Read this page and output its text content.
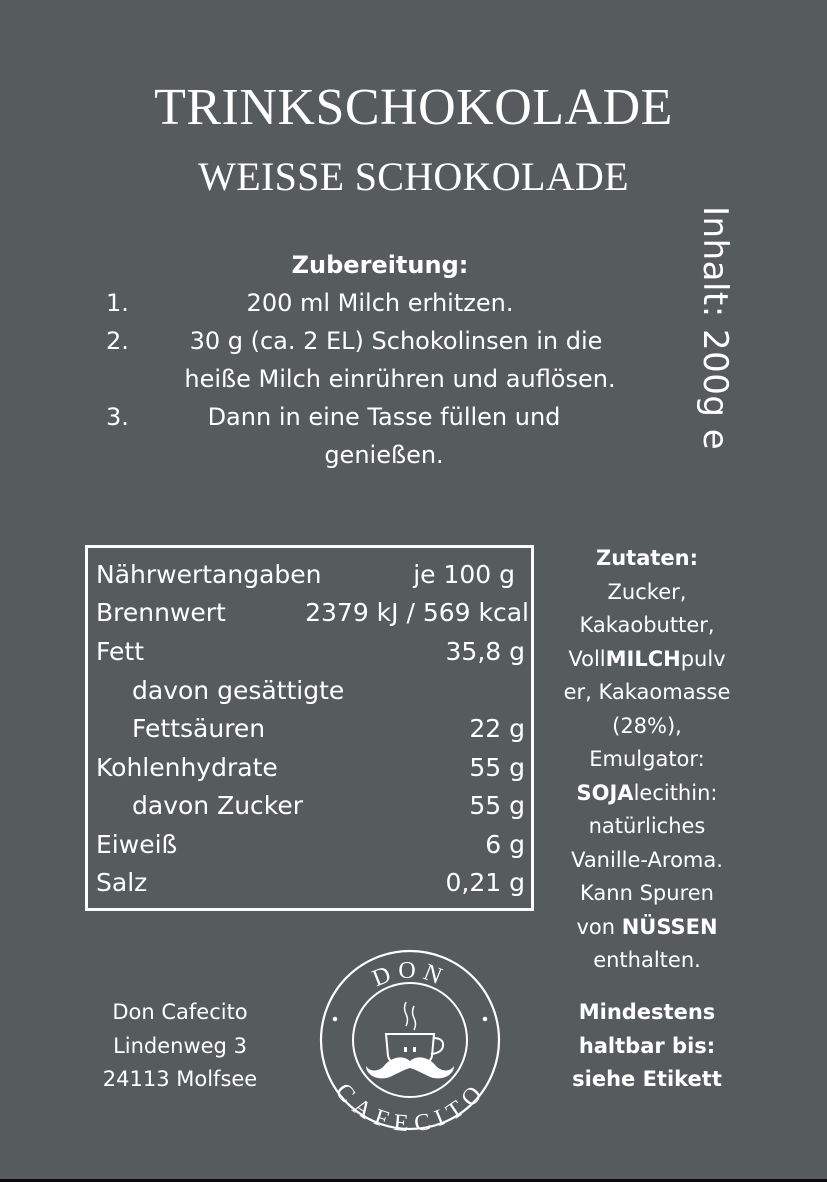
TRINKSCHOKOLADE
WEISSE SCHOKOLADE
Zubereitung:
1.	200 ml Milch erhitzen.
2.	30 g (ca. 2 EL) Schokolinsen in die
heiße Milch einrühren und auflösen.
3.	Dann in eine Tasse füllen und
genießen.
Inhalt: 200g e
Nährwertangaben	je 100 g
Brennwert	2379 kJ / 569 kcal
Fett	35,8 g
davon gesättigte
Fettsäuren	22 g
Kohlenhydrate	55 g
davon Zucker	55 g
Eiweiß	6 g
Salz	0,21 g
Zutaten:
Zucker,
Kakaobutter,
VollMILCHpulv
er, Kakaomasse
(28%),
Emulgator:
SOJAlecithin:
natürliches
Vanille-Aroma.
Kann Spuren
von NÜSSEN
enthalten.
Don Cafecito
Lindenweg 3
24113 Molfsee
Mindestens
haltbar bis:
siehe Etikett
DON
CAFECITO
